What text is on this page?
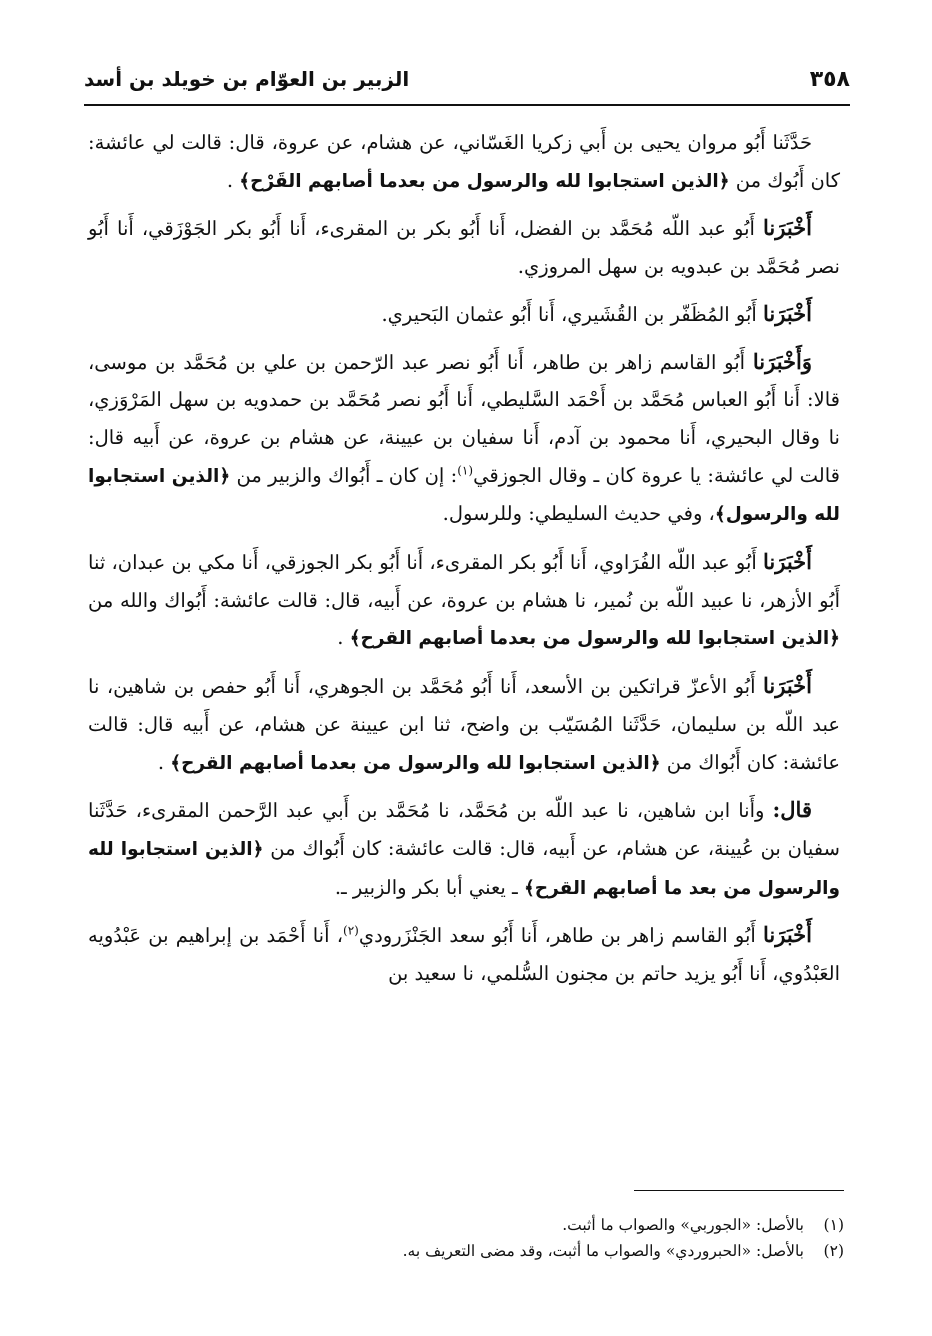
٣٥٨
الزبير بن العوّام بن خويلد بن أسد

حَدَّثَنا أَبُو مروان يحيى بن أَبي زكريا الغَسّاني، عن هشام، عن عروة، قال: قالت لي عائشة: كان أَبُوك من ﴿الذين استجابوا لله والرسول من بعدما أصابهم القَرْح﴾ .

أَخْبَرَنا أَبُو عبد اللّه مُحَمَّد بن الفضل، أَنا أَبُو بكر بن المقرىء، أَنا أَبُو بكر الجَوْزَقي، أَنا أَبُو نصر مُحَمَّد بن عبدويه بن سهل المروزي.

أَخْبَرَنا أَبُو المُظَفّر بن القُشَيري، أَنا أَبُو عثمان البَحيري.

وَأَخْبَرَنا أَبُو القاسم زاهر بن طاهر، أَنا أَبُو نصر عبد الرّحمن بن علي بن مُحَمَّد بن موسى، قالا: أَنا أَبُو العباس مُحَمَّد بن أَحْمَد السَّليطي، أَنا أَبُو نصر مُحَمَّد بن حمدويه بن سهل المَرْوَزي، نا وقال البحيري، أَنا محمود بن آدم، أَنا سفيان بن عيينة، عن هشام بن عروة، عن أَبيه قال: قالت لي عائشة: يا عروة كان ـ وقال الجوزقي$^{(١)}$: إن كان ـ أَبُواك والزبير من ﴿الذين استجابوا لله والرسول﴾، وفي حديث السليطي: وللرسول.

أَخْبَرَنا أَبُو عبد اللّه الفُرَاوي، أَنا أَبُو بكر المقرىء، أَنا أَبُو بكر الجوزقي، أَنا مكي بن عبدان، ثنا أَبُو الأزهر، نا عبيد اللّه بن نُمير، نا هشام بن عروة، عن أَبيه، قال: قالت عائشة: أَبُواك والله من ﴿الذين استجابوا لله والرسول من بعدما أصابهم القرح﴾ .

أَخْبَرَنا أَبُو الأعزّ قراتكين بن الأسعد، أَنا أَبُو مُحَمَّد بن الجوهري، أَنا أَبُو حفص بن شاهين، نا عبد اللّه بن سليمان، حَدَّثَنا المُسَيّب بن واضح، ثنا ابن عيينة عن هشام، عن أَبيه قال: قالت عائشة: كان أَبُواك من ﴿الذين استجابوا لله والرسول من بعدما أصابهم القرح﴾ .

قال: وأَنا ابن شاهين، نا عبد اللّه بن مُحَمَّد، نا مُحَمَّد بن أَبي عبد الرَّحمن المقرىء، حَدَّثَنا سفيان بن عُيينة، عن هشام، عن أَبيه، قال: قالت عائشة: كان أَبُواك من ﴿الذين استجابوا لله والرسول من بعد ما أصابهم القرح﴾ ـ يعني أبا بكر والزبير ـ.

أَخْبَرَنا أَبُو القاسم زاهر بن طاهر، أَنا أَبُو سعد الجَنْزَرودي$^{(٢)}$، أَنا أَحْمَد بن إبراهيم بن عَبْدُويه العَبْدُوي، أَنا أَبُو يزيد حاتم بن مجنون السُّلمي، نا سعيد بن

(١)
بالأصل: «الجوربي» والصواب ما أثبت.
(٢)
بالأصل: «الحبروردي» والصواب ما أثبت، وقد مضى التعريف به.
